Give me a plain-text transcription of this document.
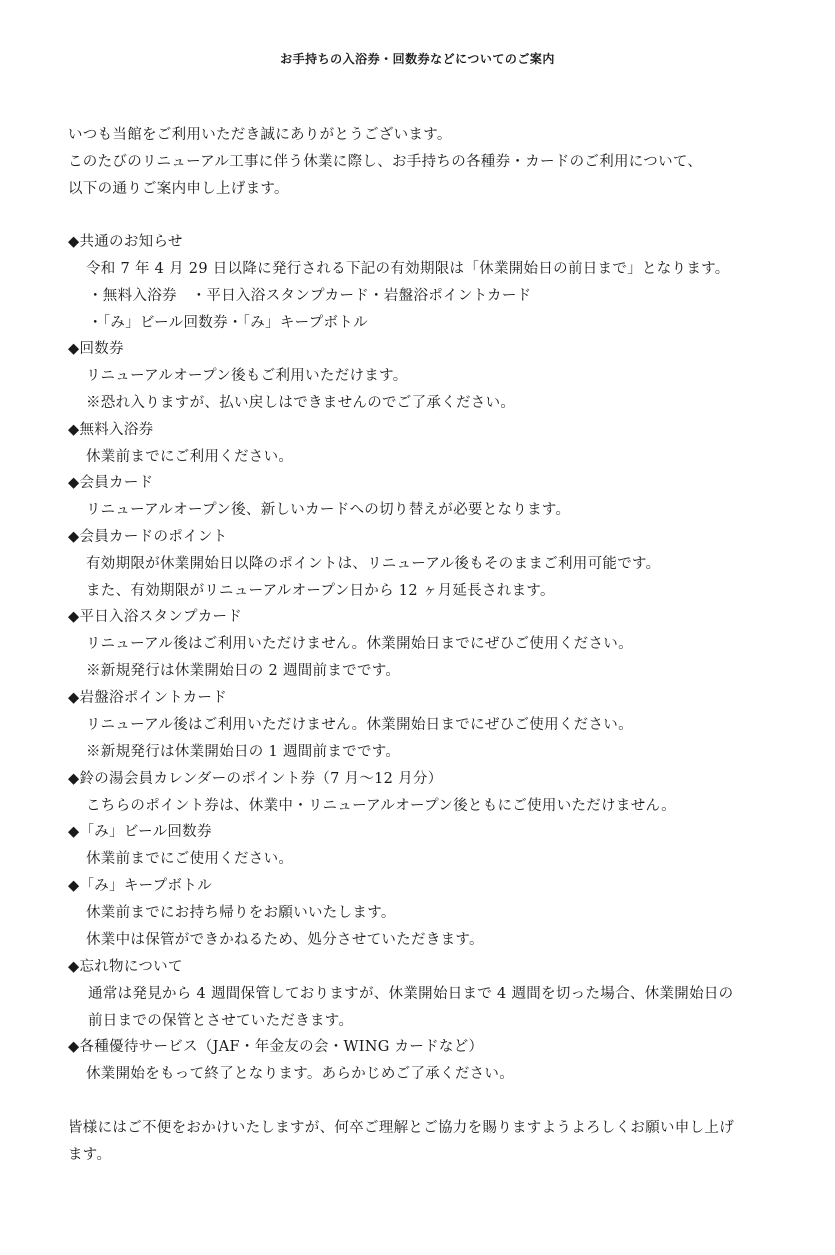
お手持ちの入浴券・回数券などについてのご案内
いつも当館をご利用いただき誠にありがとうございます。
このたびのリニューアル工事に伴う休業に際し、お手持ちの各種券・カードのご利用について、
以下の通りご案内申し上げます。
◆共通のお知らせ
令和 7 年 4 月 29 日以降に発行される下記の有効期限は「休業開始日の前日まで」となります。
・無料入浴券　・平日入浴スタンプカード・岩盤浴ポイントカード
・「み」ビール回数券・「み」キープボトル
◆回数券
リニューアルオープン後もご利用いただけます。
※恐れ入りますが、払い戻しはできませんのでご了承ください。
◆無料入浴券
休業前までにご利用ください。
◆会員カード
リニューアルオープン後、新しいカードへの切り替えが必要となります。
◆会員カードのポイント
有効期限が休業開始日以降のポイントは、リニューアル後もそのままご利用可能です。
また、有効期限がリニューアルオープン日から 12 ヶ月延長されます。
◆平日入浴スタンプカード
リニューアル後はご利用いただけません。休業開始日までにぜひご使用ください。
※新規発行は休業開始日の 2 週間前までです。
◆岩盤浴ポイントカード
リニューアル後はご利用いただけません。休業開始日までにぜひご使用ください。
※新規発行は休業開始日の 1 週間前までです。
◆鈴の湯会員カレンダーのポイント券（7 月～12 月分）
こちらのポイント券は、休業中・リニューアルオープン後ともにご使用いただけません。
◆「み」ビール回数券
休業前までにご使用ください。
◆「み」キープボトル
休業前までにお持ち帰りをお願いいたします。
休業中は保管ができかねるため、処分させていただきます。
◆忘れ物について
通常は発見から 4 週間保管しておりますが、休業開始日まで 4 週間を切った場合、休業開始日の
前日までの保管とさせていただきます。
◆各種優待サービス（JAF・年金友の会・WING カードなど）
休業開始をもって終了となります。あらかじめご了承ください。
皆様にはご不便をおかけいたしますが、何卒ご理解とご協力を賜りますようよろしくお願い申し上げ
ます。
